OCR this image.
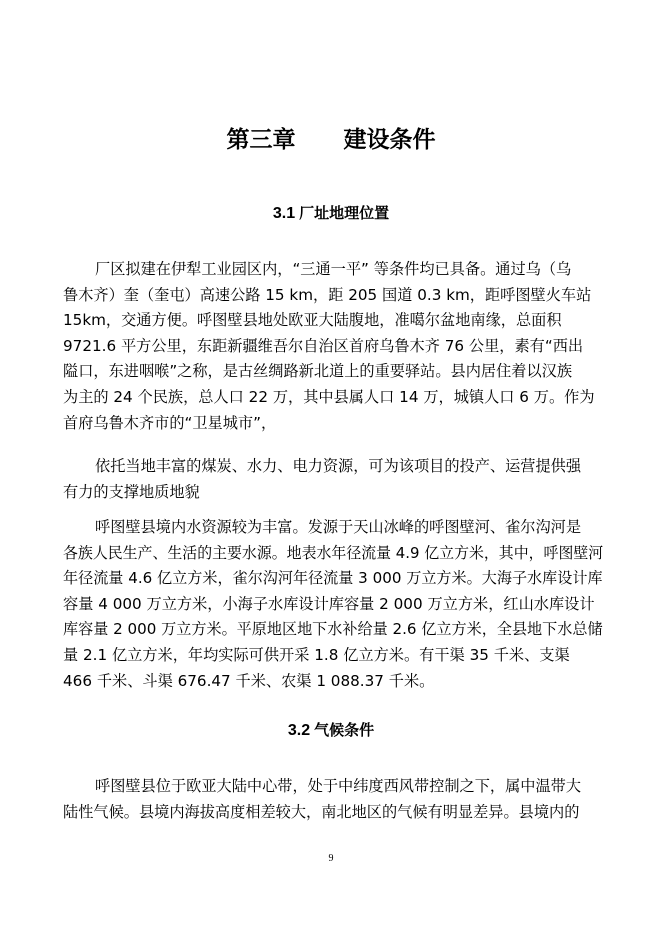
第三章      建设条件
3.1 厂址地理位置
厂区拟建在伊犁工业园区内，“三通一平” 等条件均已具备。通过乌（乌
鲁木齐）奎（奎屯）高速公路 15 km，距 205 国道 0.3 km，距呼图壁火车站
15km，交通方便。呼图壁县地处欧亚大陆腹地，准噶尔盆地南缘，总面积
9721.6 平方公里，东距新疆维吾尔自治区首府乌鲁木齐 76 公里，素有“西出
隘口，东进咽喉”之称，是古丝绸路新北道上的重要驿站。县内居住着以汉族
为主的 24 个民族，总人口 22 万，其中县属人口 14 万，城镇人口 6 万。作为
首府乌鲁木齐市的“卫星城市”，
依托当地丰富的煤炭、水力、电力资源，可为该项目的投产、运营提供强
有力的支撑地质地貌
呼图壁县境内水资源较为丰富。发源于天山冰峰的呼图壁河、雀尔沟河是
各族人民生产、生活的主要水源。地表水年径流量 4.9 亿立方米，其中，呼图壁河
年径流量 4.6 亿立方米，雀尔沟河年径流量 3 000 万立方米。大海子水库设计库
容量 4 000 万立方米，小海子水库设计库容量 2 000 万立方米，红山水库设计
库容量 2 000 万立方米。平原地区地下水补给量 2.6 亿立方米，全县地下水总储
量 2.1 亿立方米，年均实际可供开采 1.8 亿立方米。有干渠 35 千米、支渠
466 千米、斗渠 676.47 千米、农渠 1 088.37 千米。
3.2 气候条件
呼图壁县位于欧亚大陆中心带，处于中纬度西风带控制之下，属中温带大
陆性气候。县境内海拔高度相差较大，南北地区的气候有明显差异。县境内的
9
